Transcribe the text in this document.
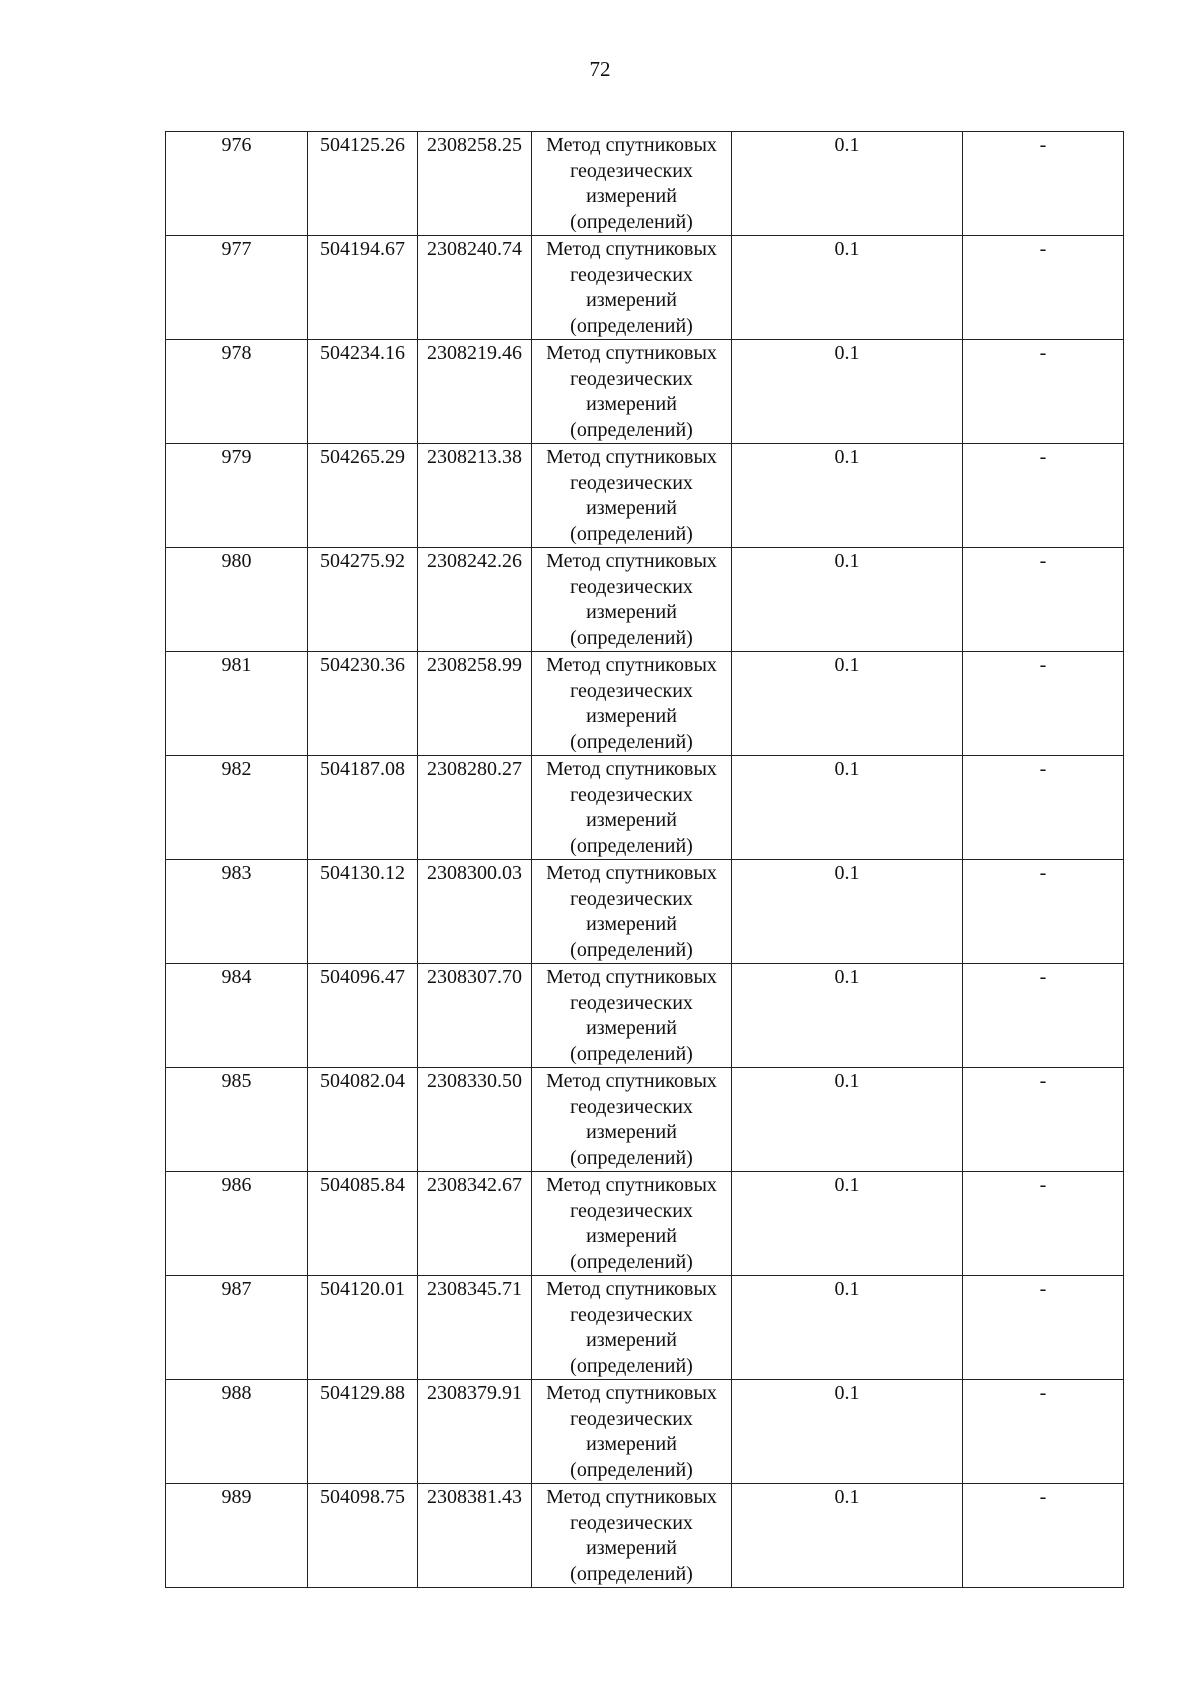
72
976	504125.26	2308258.25	Метод спутниковых
геодезических
измерений
(определений)	0.1	-
977	504194.67	2308240.74	Метод спутниковых
геодезических
измерений
(определений)	0.1	-
978	504234.16	2308219.46	Метод спутниковых
геодезических
измерений
(определений)	0.1	-
979	504265.29	2308213.38	Метод спутниковых
геодезических
измерений
(определений)	0.1	-
980	504275.92	2308242.26	Метод спутниковых
геодезических
измерений
(определений)	0.1	-
981	504230.36	2308258.99	Метод спутниковых
геодезических
измерений
(определений)	0.1	-
982	504187.08	2308280.27	Метод спутниковых
геодезических
измерений
(определений)	0.1	-
983	504130.12	2308300.03	Метод спутниковых
геодезических
измерений
(определений)	0.1	-
984	504096.47	2308307.70	Метод спутниковых
геодезических
измерений
(определений)	0.1	-
985	504082.04	2308330.50	Метод спутниковых
геодезических
измерений
(определений)	0.1	-
986	504085.84	2308342.67	Метод спутниковых
геодезических
измерений
(определений)	0.1	-
987	504120.01	2308345.71	Метод спутниковых
геодезических
измерений
(определений)	0.1	-
988	504129.88	2308379.91	Метод спутниковых
геодезических
измерений
(определений)	0.1	-
989	504098.75	2308381.43	Метод спутниковых
геодезических
измерений
(определений)	0.1	-
